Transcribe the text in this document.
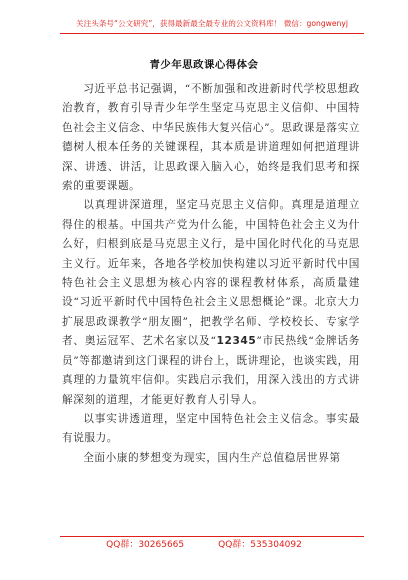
关注头条号“公文研究”，获得最新最全最专业的公文资料库！ 微信：gongwenyj
青少年思政课心得体会

习近平总书记强调，“不断加强和改进新时代学校思想政治教育，教育引导青少年学生坚定马克思主义信仰、中国特色社会主义信念、中华民族伟大复兴信心”。思政课是落实立德树人根本任务的关键课程，其本质是讲道理如何把道理讲深、讲透、讲活，让思政课入脑入心，始终是我们思考和探索的重要课题。

以真理讲深道理，坚定马克思主义信仰。真理是道理立得住的根基。中国共产党为什么能，中国特色社会主义为什么好，归根到底是马克思主义行，是中国化时代化的马克思主义行。近年来，各地各学校加快构建以习近平新时代中国特色社会主义思想为核心内容的课程教材体系，高质量建设“习近平新时代中国特色社会主义思想概论”课。北京大力扩展思政课教学“朋友圈”，把教学名师、学校校长、专家学者、奥运冠军、艺术名家以及“12345”市民热线“金牌话务员”等都邀请到这门课程的讲台上，既讲理论，也谈实践，用真理的力量筑牢信仰。实践启示我们，用深入浅出的方式讲解深刻的道理，才能更好教育人引导人。

以事实讲透道理，坚定中国特色社会主义信念。事实最有说服力。

全面小康的梦想变为现实，国内生产总值稳居世界第

QQ群：30265665	QQ群：535304092
